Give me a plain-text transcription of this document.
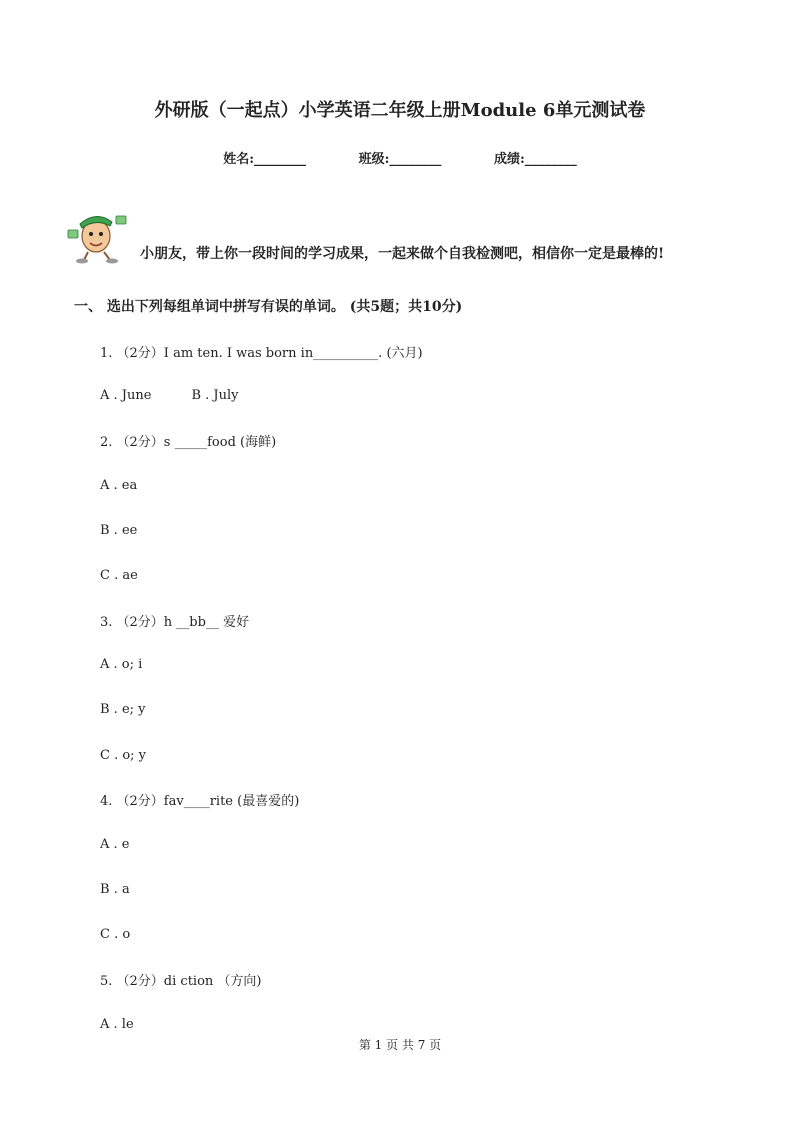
外研版（一起点）小学英语二年级上册Module 6单元测试卷
姓名:________	班级:________	成绩:________
小朋友，带上你一段时间的学习成果，一起来做个自我检测吧，相信你一定是最棒的!
一、 选出下列每组单词中拼写有误的单词。 (共5题；共10分)
1. （2分）I am ten. I was born in__________. (六月)
A . June	B . July
2. （2分）s _____food (海鲜)
A . ea
B . ee
C . ae
3. （2分）h __bb__ 爱好
A . o; i
B . e; y
C . o; y
4. （2分）fav____rite (最喜爱的)
A . e
B . a
C . o
5. （2分）di ction （方向)
A . le
第 1 页 共 7 页
